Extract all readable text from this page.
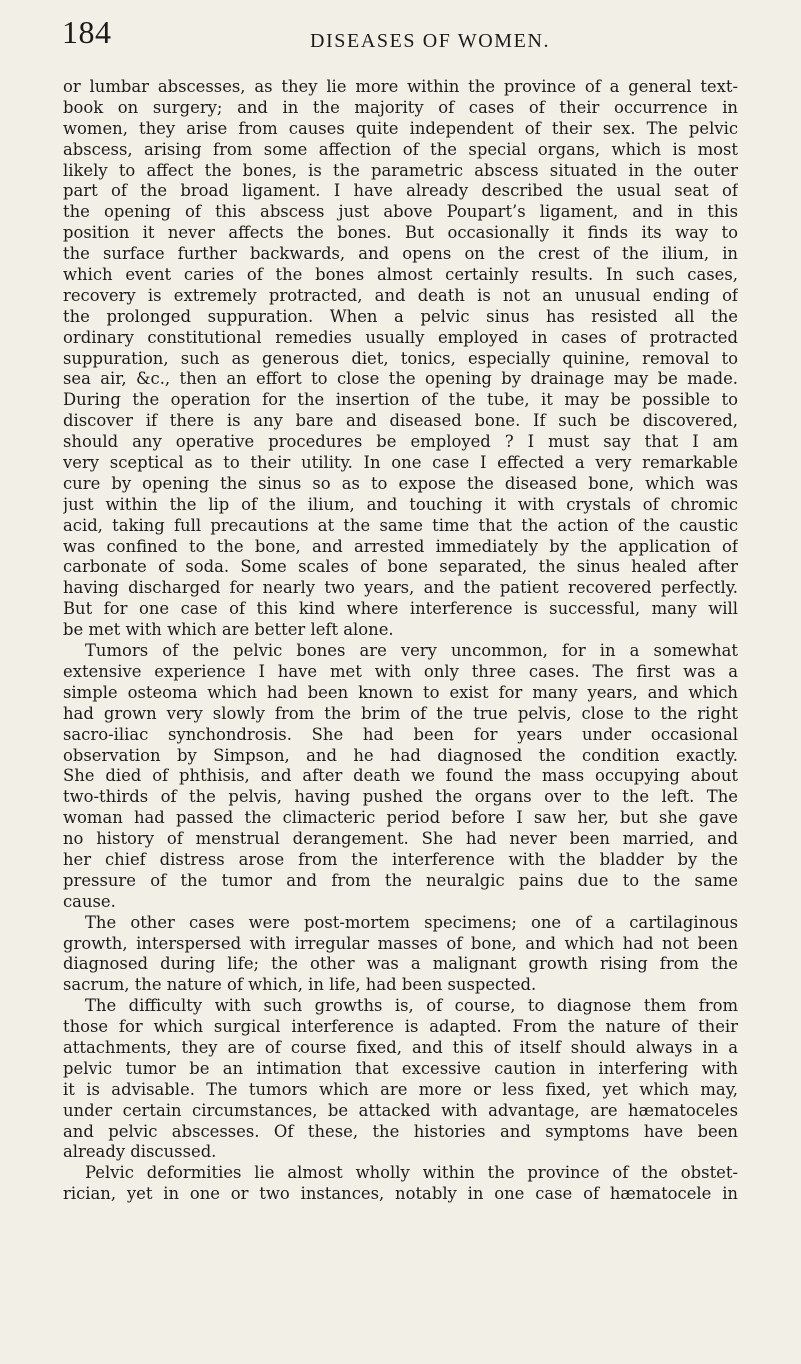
184	DISEASES OF WOMEN.
or lumbar abscesses, as they lie more within the province of a general text-
book on surgery; and in the majority of cases of their occurrence in
women, they arise from causes quite independent of their sex. The pelvic
abscess, arising from some affection of the special organs, which is most
likely to affect the bones, is the parametric abscess situated in the outer
part of the broad ligament. I have already described the usual seat of
the opening of this abscess just above Poupart’s ligament, and in this
position it never affects the bones. But occasionally it finds its way to
the surface further backwards, and opens on the crest of the ilium, in
which event caries of the bones almost certainly results. In such cases,
recovery is extremely protracted, and death is not an unusual ending of
the prolonged suppuration. When a pelvic sinus has resisted all the
ordinary constitutional remedies usually employed in cases of protracted
suppuration, such as generous diet, tonics, especially quinine, removal to
sea air, &c., then an effort to close the opening by drainage may be made.
During the operation for the insertion of the tube, it may be possible to
discover if there is any bare and diseased bone. If such be discovered,
should any operative procedures be employed ? I must say that I am
very sceptical as to their utility. In one case I effected a very remarkable
cure by opening the sinus so as to expose the diseased bone, which was
just within the lip of the ilium, and touching it with crystals of chromic
acid, taking full precautions at the same time that the action of the caustic
was confined to the bone, and arrested immediately by the application of
carbonate of soda. Some scales of bone separated, the sinus healed after
having discharged for nearly two years, and the patient recovered perfectly.
But for one case of this kind where interference is successful, many will
be met with which are better left alone.
Tumors of the pelvic bones are very uncommon, for in a somewhat
extensive experience I have met with only three cases. The first was a
simple osteoma which had been known to exist for many years, and which
had grown very slowly from the brim of the true pelvis, close to the right
sacro-iliac synchondrosis. She had been for years under occasional
observation by Simpson, and he had diagnosed the condition exactly.
She died of phthisis, and after death we found the mass occupying about
two-thirds of the pelvis, having pushed the organs over to the left. The
woman had passed the climacteric period before I saw her, but she gave
no history of menstrual derangement. She had never been married, and
her chief distress arose from the interference with the bladder by the
pressure of the tumor and from the neuralgic pains due to the same
cause.
The other cases were post-mortem specimens; one of a cartilaginous
growth, interspersed with irregular masses of bone, and which had not been
diagnosed during life; the other was a malignant growth rising from the
sacrum, the nature of which, in life, had been suspected.
The difficulty with such growths is, of course, to diagnose them from
those for which surgical interference is adapted. From the nature of their
attachments, they are of course fixed, and this of itself should always in a
pelvic tumor be an intimation that excessive caution in interfering with
it is advisable. The tumors which are more or less fixed, yet which may,
under certain circumstances, be attacked with advantage, are hæmatoceles
and pelvic abscesses. Of these, the histories and symptoms have been
already discussed.
Pelvic deformities lie almost wholly within the province of the obstet-
rician, yet in one or two instances, notably in one case of hæmatocele in
